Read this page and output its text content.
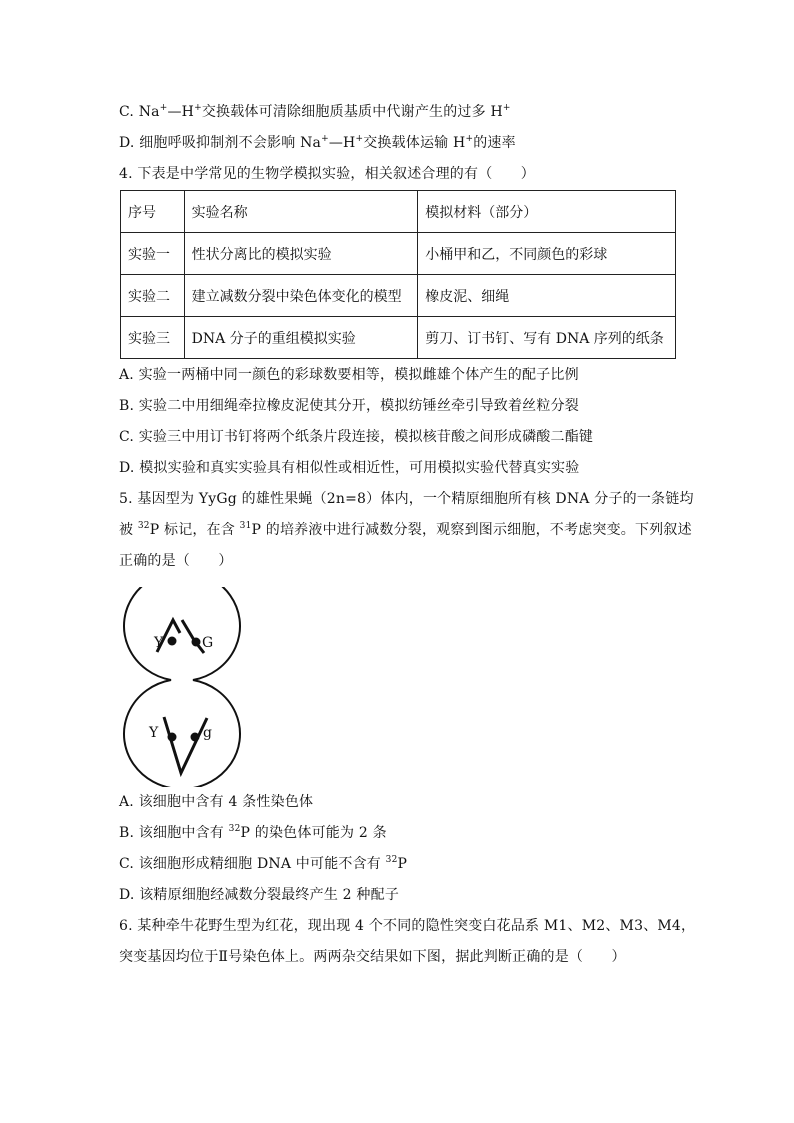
C. Na+—H+交换载体可清除细胞质基质中代谢产生的过多 H+
D. 细胞呼吸抑制剂不会影响 Na+—H+交换载体运输 H+的速率
4. 下表是中学常见的生物学模拟实验，相关叙述合理的有（　　）
序号	实验名称	模拟材料（部分）
实验一	性状分离比的模拟实验	小桶甲和乙，不同颜色的彩球
实验二	建立减数分裂中染色体变化的模型	橡皮泥、细绳
实验三	DNA 分子的重组模拟实验	剪刀、订书钉、写有 DNA 序列的纸条
A. 实验一两桶中同一颜色的彩球数要相等，模拟雌雄个体产生的配子比例
B. 实验二中用细绳牵拉橡皮泥使其分开，模拟纺锤丝牵引导致着丝粒分裂
C. 实验三中用订书钉将两个纸条片段连接，模拟核苷酸之间形成磷酸二酯键
D. 模拟实验和真实实验具有相似性或相近性，可用模拟实验代替真实实验
5. 基因型为 YyGg 的雄性果蝇（2n=8）体内，一个精原细胞所有核 DNA 分子的一条链均
被 $^{32}$P 标记，在含 $^{31}$P 的培养液中进行减数分裂，观察到图示细胞，不考虑突变。下列叙述
正确的是（　　）
Y	G
Y	g
A. 该细胞中含有 4 条性染色体
B. 该细胞中含有 $^{32}$P 的染色体可能为 2 条
C. 该细胞形成精细胞 DNA 中可能不含有 $^{32}$P
D. 该精原细胞经减数分裂最终产生 2 种配子
6. 某种牵牛花野生型为红花，现出现 4 个不同的隐性突变白花品系 M1、M2、M3、M4，
突变基因均位于Ⅱ号染色体上。两两杂交结果如下图，据此判断正确的是（　　）
